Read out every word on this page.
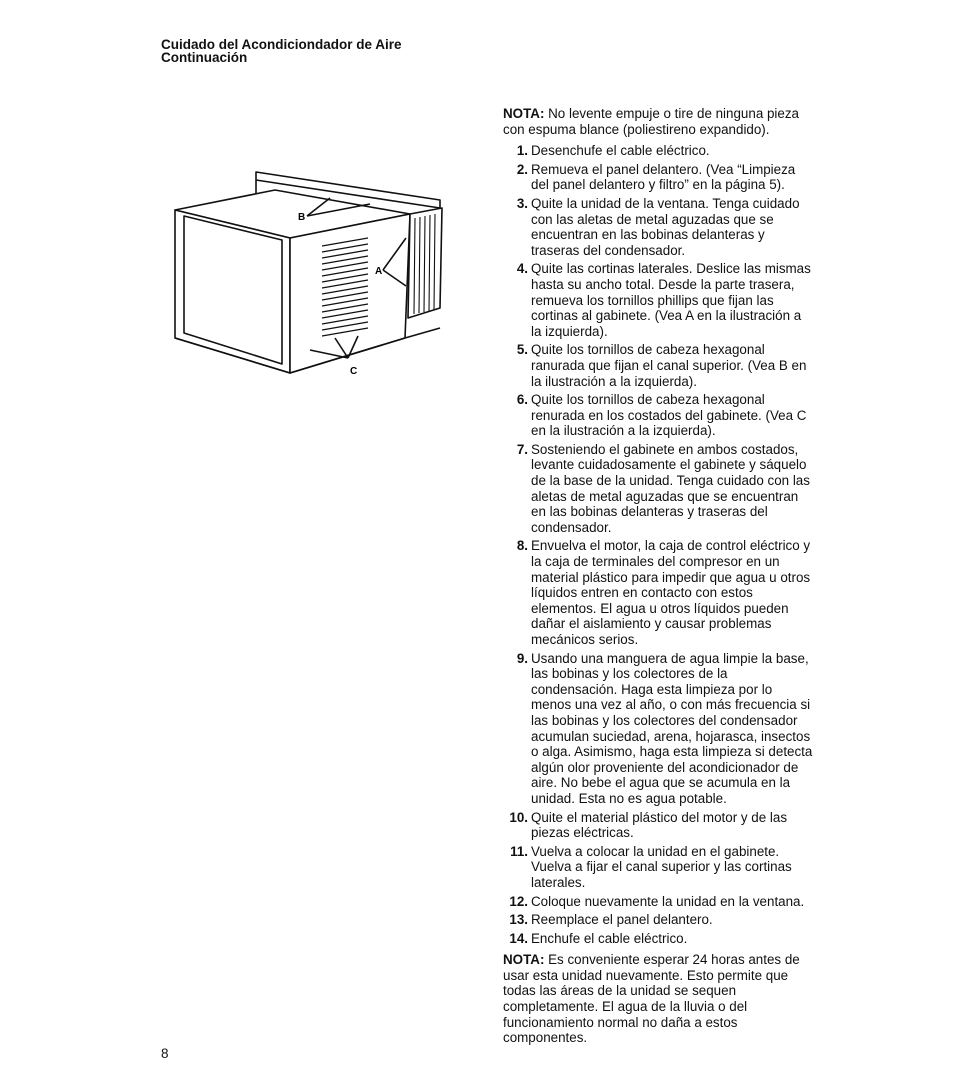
Cuidado del Acondiciondador de Aire
Continuación
A
B
C

NOTA: No levente empuje o tire de ninguna pieza con espuma blance (poliestireno expandido).

1. Desenchufe el cable eléctrico.
2. Remueva el panel delantero. (Vea “Limpieza del panel delantero y filtro” en la página 5).
3. Quite la unidad de la ventana. Tenga cuidado con las aletas de metal aguzadas que se encuentran en las bobinas delanteras y traseras del condensador.
4. Quite las cortinas laterales. Deslice las mismas hasta su ancho total. Desde la parte trasera, remueva los tornillos phillips que fijan las cortinas al gabinete. (Vea A en la ilustración a la izquierda).
5. Quite los tornillos de cabeza hexagonal ranurada que fijan el canal superior. (Vea B en la ilustración a la izquierda).
6. Quite los tornillos de cabeza hexagonal renurada en los costados del gabinete. (Vea C en la ilustración a la izquierda).
7. Sosteniendo el gabinete en ambos costados, levante cuidadosamente el gabinete y sáquelo de la base de la unidad. Tenga cuidado con las aletas de metal aguzadas que se encuentran en las bobinas delanteras y traseras del condensador.
8. Envuelva el motor, la caja de control eléctrico y la caja de terminales del compresor en un material plástico para impedir que agua u otros líquidos entren en contacto con estos elementos. El agua u otros líquidos pueden dañar el aislamiento y causar problemas mecánicos serios.
9. Usando una manguera de agua limpie la base, las bobinas y los colectores de la condensación. Haga esta limpieza por lo menos una vez al año, o con más frecuencia si las bobinas y los colectores del condensador acumulan suciedad, arena, hojarasca, insectos o alga. Asimismo, haga esta limpieza si detecta algún olor proveniente del acondicionador de aire. No bebe el agua que se acumula en la unidad. Esta no es agua potable.
10. Quite el material plástico del motor y de las piezas eléctricas.
11. Vuelva a colocar la unidad en el gabinete. Vuelva a fijar el canal superior y las cortinas laterales.
12. Coloque nuevamente la unidad en la ventana.
13. Reemplace el panel delantero.
14. Enchufe el cable eléctrico.

NOTA: Es conveniente esperar 24 horas antes de usar esta unidad nuevamente. Esto permite que todas las áreas de la unidad se sequen completamente. El agua de la lluvia o del funcionamiento normal no daña a estos componentes.

8
